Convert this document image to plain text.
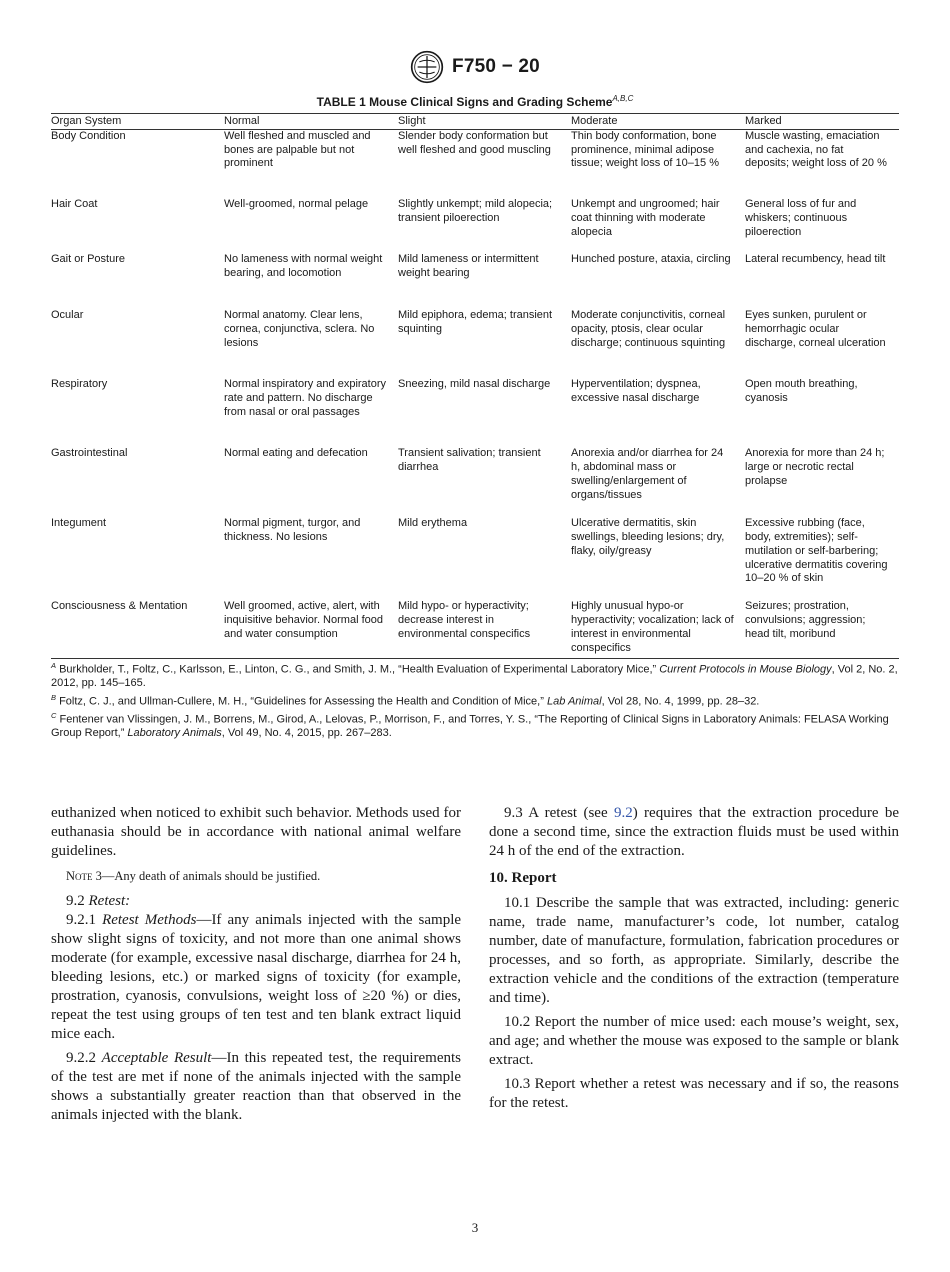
F750 − 20
TABLE 1 Mouse Clinical Signs and Grading Scheme$^{A,B,C}$
Organ System	Normal	Slight	Moderate	Marked
Body Condition	Well fleshed and muscled and bones are palpable but not prominent	Slender body conformation but well fleshed and good muscling	Thin body conformation, bone prominence, minimal adipose tissue; weight loss of 10–15 %	Muscle wasting, emaciation and cachexia, no fat deposits; weight loss of 20 %
Hair Coat	Well-groomed, normal pelage	Slightly unkempt; mild alopecia; transient piloerection	Unkempt and ungroomed; hair coat thinning with moderate alopecia	General loss of fur and whiskers; continuous piloerection
Gait or Posture	No lameness with normal weight bearing, and locomotion	Mild lameness or intermittent weight bearing	Hunched posture, ataxia, circling	Lateral recumbency, head tilt
Ocular	Normal anatomy. Clear lens, cornea, conjunctiva, sclera. No lesions	Mild epiphora, edema; transient squinting	Moderate conjunctivitis, corneal opacity, ptosis, clear ocular discharge; continuous squinting	Eyes sunken, purulent or hemorrhagic ocular discharge, corneal ulceration
Respiratory	Normal inspiratory and expiratory rate and pattern. No discharge from nasal or oral passages	Sneezing, mild nasal discharge	Hyperventilation; dyspnea, excessive nasal discharge	Open mouth breathing, cyanosis
Gastrointestinal	Normal eating and defecation	Transient salivation; transient diarrhea	Anorexia and/or diarrhea for 24 h, abdominal mass or swelling/enlargement of organs/tissues	Anorexia for more than 24 h; large or necrotic rectal prolapse
Integument	Normal pigment, turgor, and thickness. No lesions	Mild erythema	Ulcerative dermatitis, skin swellings, bleeding lesions; dry, flaky, oily/greasy	Excessive rubbing (face, body, extremities); self-mutilation or self-barbering; ulcerative dermatitis covering 10–20 % of skin
Consciousness & Mentation	Well groomed, active, alert, with inquisitive behavior. Normal food and water consumption	Mild hypo- or hyperactivity; decrease interest in environmental conspecifics	Highly unusual hypo-or hyperactivity; vocalization; lack of interest in environmental conspecifics	Seizures; prostration, convulsions; aggression; head tilt, moribund

$^A$ Burkholder, T., Foltz, C., Karlsson, E., Linton, C. G., and Smith, J. M., “Health Evaluation of Experimental Laboratory Mice,” Current Protocols in Mouse Biology, Vol 2, No. 2, 2012, pp. 145–165.

$^B$ Foltz, C. J., and Ullman-Cullere, M. H., “Guidelines for Assessing the Health and Condition of Mice,” Lab Animal, Vol 28, No. 4, 1999, pp. 28–32.

$^C$ Fentener van Vlissingen, J. M., Borrens, M., Girod, A., Lelovas, P., Morrison, F., and Torres, Y. S., “The Reporting of Clinical Signs in Laboratory Animals: FELASA Working Group Report,” Laboratory Animals, Vol 49, No. 4, 2015, pp. 267–283.

euthanized when noticed to exhibit such behavior. Methods used for euthanasia should be in accordance with national animal welfare guidelines.

Note 3—Any death of animals should be justified.

9.2 Retest:

9.2.1 Retest Methods—If any animals injected with the sample show slight signs of toxicity, and not more than one animal shows moderate (for example, excessive nasal discharge, diarrhea for 24 h, bleeding lesions, etc.) or marked signs of toxicity (for example, prostration, cyanosis, convulsions, weight loss of ≥20 %) or dies, repeat the test using groups of ten test and ten blank extract liquid mice each.

9.2.2 Acceptable Result—In this repeated test, the requirements of the test are met if none of the animals injected with the sample shows a substantially greater reaction than that observed in the animals injected with the blank.

9.3 A retest (see 9.2) requires that the extraction procedure be done a second time, since the extraction fluids must be used within 24 h of the end of the extraction.

10. Report

10.1 Describe the sample that was extracted, including: generic name, trade name, manufacturer’s code, lot number, catalog number, date of manufacture, formulation, fabrication procedures or processes, and so forth, as appropriate. Similarly, describe the extraction vehicle and the conditions of the extraction (temperature and time).

10.2 Report the number of mice used: each mouse’s weight, sex, and age; and whether the mouse was exposed to the sample or blank extract.

10.3 Report whether a retest was necessary and if so, the reasons for the retest.

3
